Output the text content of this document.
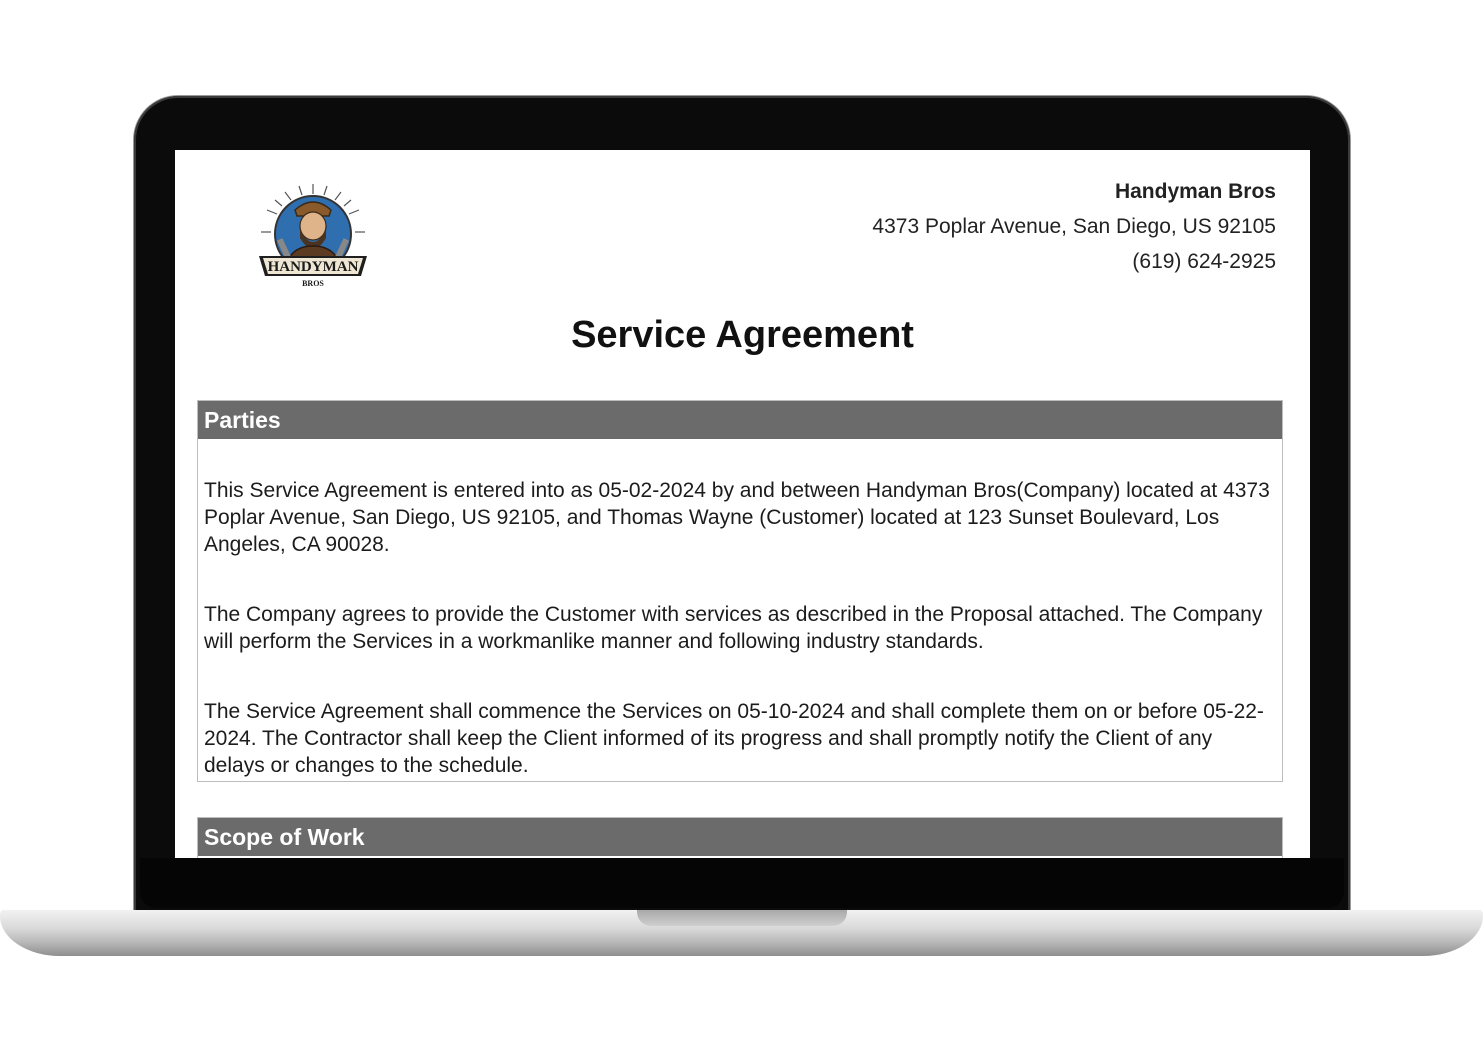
HANDYMAN
BROS
Handyman Bros
4373 Poplar Avenue, San Diego, US 92105
(619) 624-2925
Service Agreement
Parties

This Service Agreement is entered into as 05-02-2024 by and between Handyman Bros(Company) located at 4373 Poplar Avenue, San Diego, US 92105, and Thomas Wayne (Customer) located at 123 Sunset Boulevard, Los Angeles, CA 90028.

The Company agrees to provide the Customer with services as described in the Proposal attached. The Company will perform the Services in a workmanlike manner and following industry standards.

The Service Agreement shall commence the Services on 05-10-2024 and shall complete them on or before 05-22-2024. The Contractor shall keep the Client informed of its progress and shall promptly notify the Client of any delays or changes to the schedule.

Scope of Work
